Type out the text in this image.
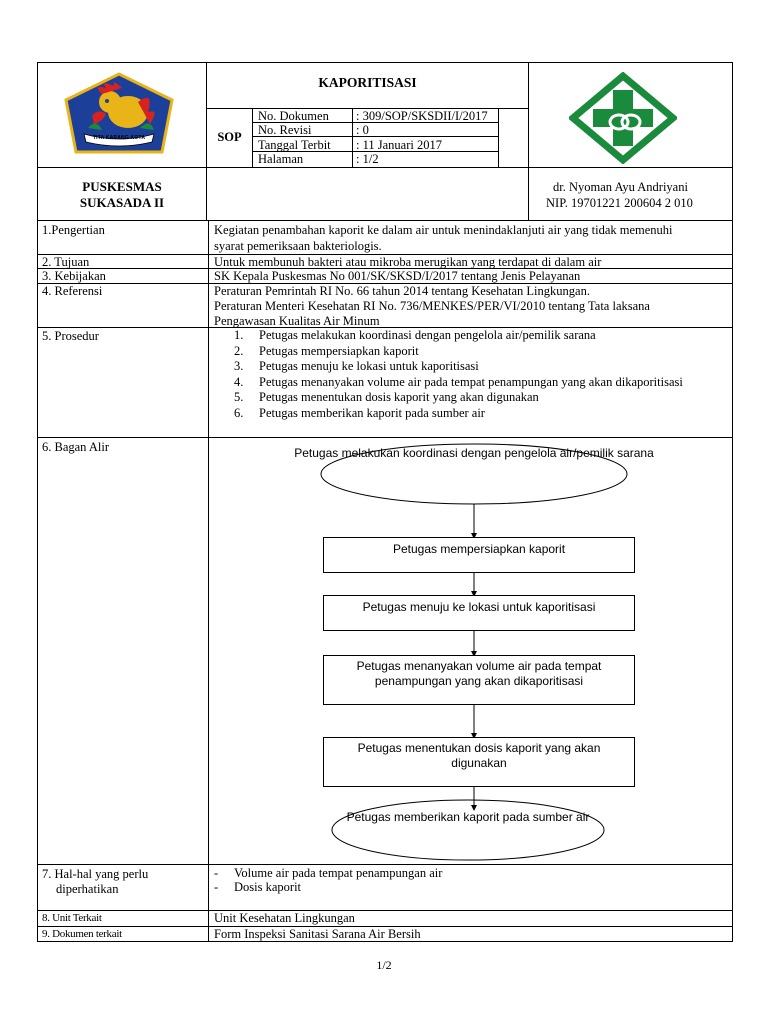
TITA KARANG KOTA
KAPORITISASI
SOP
No. Dokumen : 309/SOP/SKSDII/I/2017
No. Revisi	: 0
Tanggal Terbit : 11 Januari 2017
Halaman	: 1/2
PUSKESMAS
SUKASADA II
dr. Nyoman Ayu Andriyani
NIP. 19701221 200604 2 010
1.Pengertian	Kegiatan penambahan kaporit ke dalam air untuk menindaklanjuti air yang tidak memenuhi
syarat pemeriksaan bakteriologis.
2. Tujuan	Untuk membunuh bakteri atau mikroba merugikan yang terdapat di dalam air
3. Kebijakan	SK Kepala Puskesmas No 001/SK/SKSD/I/2017 tentang Jenis Pelayanan
4. Referensi	Peraturan Pemrintah RI No. 66 tahun 2014 tentang Kesehatan Lingkungan.
Peraturan Menteri Kesehatan RI No. 736/MENKES/PER/VI/2010 tentang Tata laksana
Pengawasan Kualitas Air Minum
5. Prosedur	1.	Petugas melakukan koordinasi dengan pengelola air/pemilik sarana
2.	Petugas mempersiapkan kaporit
3.	Petugas menuju ke lokasi untuk kaporitisasi
4.	Petugas menanyakan volume air pada tempat penampungan yang akan dikaporitisasi
5.	Petugas menentukan dosis kaporit yang akan digunakan
6.	Petugas memberikan kaporit pada sumber air
6. Bagan Alir	Petugas melakukan koordinasi dengan pengelola air/pemilik sarana
Petugas mempersiapkan kaporit
Petugas menuju ke lokasi untuk kaporitisasi
Petugas menanyakan volume air pada tempat
penampungan yang akan dikaporitisasi
Petugas menentukan dosis kaporit yang akan
digunakan
Petugas memberikan kaporit pada sumber air
7. Hal-hal yang perlu
diperhatikan
- Volume air pada tempat penampungan air
- Dosis kaporit
8. Unit Terkait	Unit Kesehatan Lingkungan
9. Dokumen terkait	Form Inspeksi Sanitasi Sarana Air Bersih
1/2
